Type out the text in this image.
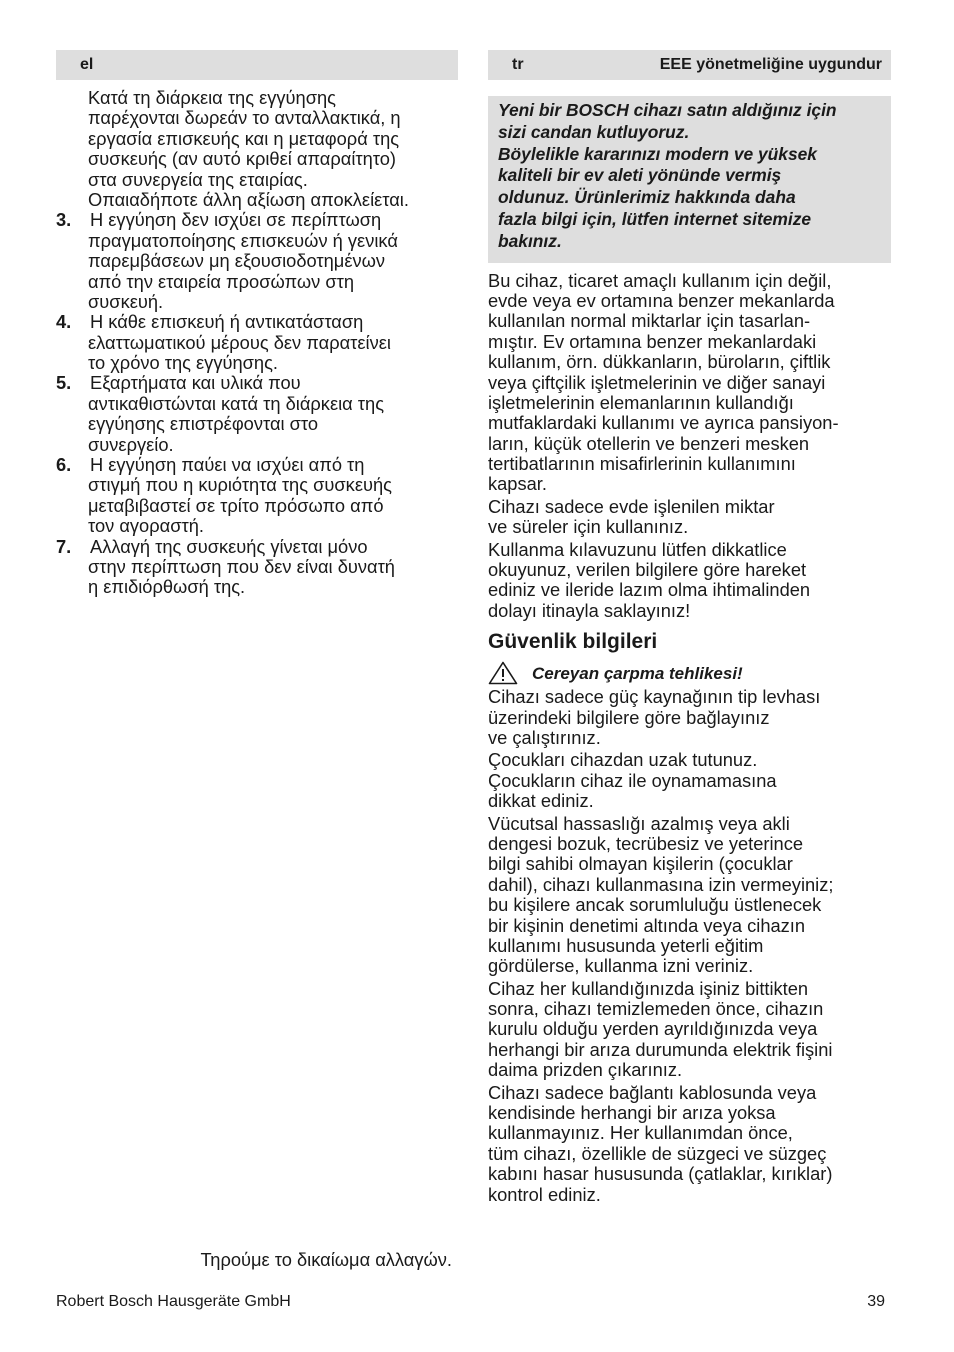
el
Κατά τη διάρκεια της εγγύησης
παρέχονται δωρεάν το ανταλλακτικά, η
εργασία επισκευής και η μεταφορά της
συσκευής (αν αυτό κριθεί απαραίτητο)
στα συνεργεία της εταιρίας.
Οπαιαδήποτε άλλη αξίωση αποκλείεται.
3. Η εγγύηση δεν ισχύει σε περίπτωση
πραγματοποίησης επισκευών ή γενικά
παρεμβάσεων μη εξουσιοδοτημένων
από την εταιρεία προσώπων στη
συσκευή.
4. Η κάθε επισκευή ή αντικατάσταση
ελαττωματικού μέρους δεν παρατείνει
το χρόνο της εγγύησης.
5. Εξαρτήματα και υλικά που
αντικαθιστώνται κατά τη διάρκεια της
εγγύησης επιστρέφονται στο
συνεργείο.
6. Η εγγύηση παύει να ισχύει από τη
στιγμή που η κυριότητα της συσκευής
μεταβιβαστεί σε τρίτο πρόσωπο από
τον αγοραστή.
7. Αλλαγή της συσκευής γίνεται μόνο
στην περίπτωση που δεν είναι δυνατή
η επιδιόρθωσή της.
Τηρούμε το δικαίωμα αλλαγών.
tr	EEE yönetmeliğine uygundur
Yeni bir BOSCH cihazı satın aldığınız için
sizi candan kutluyoruz.
Böylelikle kararınızı modern ve yüksek
kaliteli bir ev aleti yönünde vermiş
oldunuz. Ürünlerimiz hakkında daha
fazla bilgi için, lütfen internet sitemize
bakınız.
Bu cihaz, ticaret amaçlı kullanım için değil,
evde veya ev ortamına benzer mekanlarda
kullanılan normal miktarlar için tasarlan-
mıştır. Ev ortamına benzer mekanlardaki
kullanım, örn. dükkanların, büroların, çiftlik
veya çiftçilik işletmelerinin ve diğer sanayi
işletmelerinin elemanlarının kullandığı
mutfaklardaki kullanımı ve ayrıca pansiyon-
ların, küçük otellerin ve benzeri mesken
tertibatlarının misafirlerinin kullanımını
kapsar.
Cihazı sadece evde işlenilen miktar
ve süreler için kullanınız.
Kullanma kılavuzunu lütfen dikkatlice
okuyunuz, verilen bilgilere göre hareket
ediniz ve ileride lazım olma ihtimalinden
dolayı itinayla saklayınız!
Güvenlik bilgileri
Cereyan çarpma tehlikesi!
Cihazı sadece güç kaynağının tip levhası
üzerindeki bilgilere göre bağlayınız
ve çalıştırınız.
Çocukları cihazdan uzak tutunuz.
Çocukların cihaz ile oynamamasına
dikkat ediniz.
Vücutsal hassaslığı azalmış veya akli
dengesi bozuk, tecrübesiz ve yeterince
bilgi sahibi olmayan kişilerin (çocuklar
dahil), cihazı kullanmasına izin vermeyiniz;
bu kişilere ancak sorumluluğu üstlenecek
bir kişinin denetimi altında veya cihazın
kullanımı hususunda yeterli eğitim
gördülerse, kullanma izni veriniz.
Cihaz her kullandığınızda işiniz bittikten
sonra, cihazı temizlemeden önce, cihazın
kurulu olduğu yerden ayrıldığınızda veya
herhangi bir arıza durumunda elektrik fişini
daima prizden çıkarınız.
Cihazı sadece bağlantı kablosunda veya
kendisinde herhangi bir arıza yoksa
kullanmayınız. Her kullanımdan önce,
tüm cihazı, özellikle de süzgeci ve süzgeç
kabını hasar hususunda (çatlaklar, kırıklar)
kontrol ediniz.
Robert Bosch Hausgeräte GmbH	39
